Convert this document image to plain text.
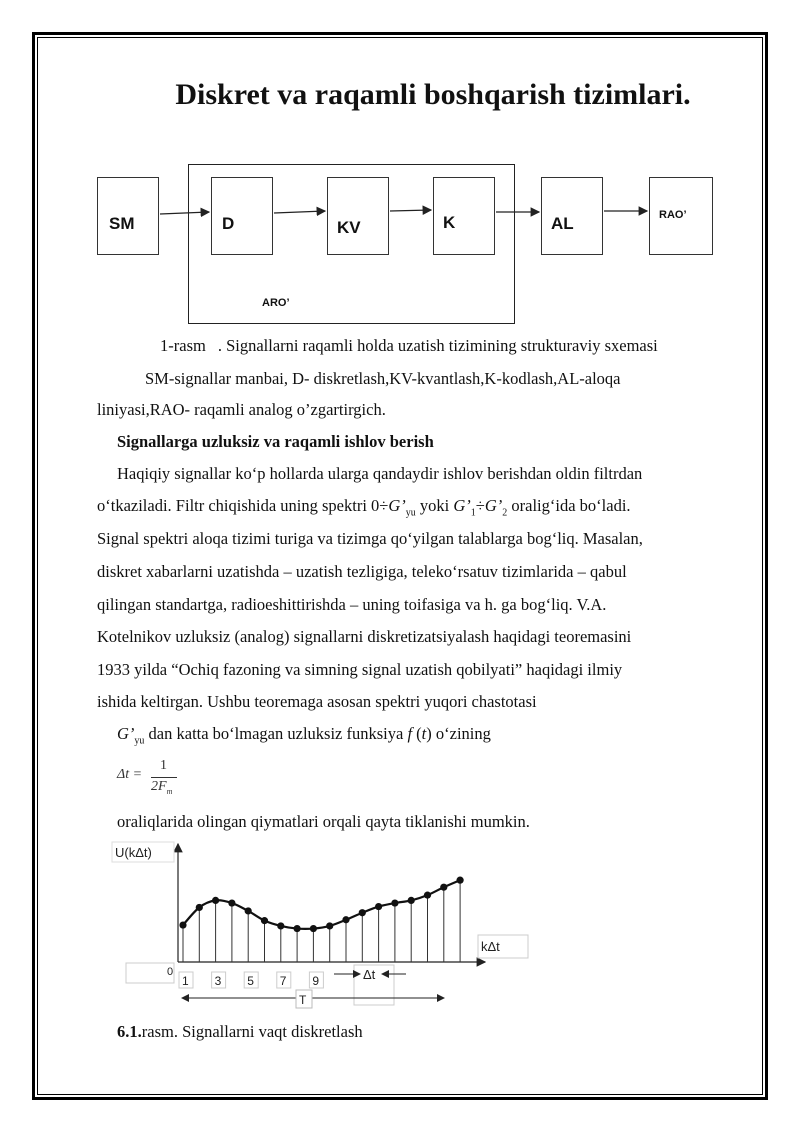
Diskret va raqamli boshqarish tizimlari.
SM	D	KV	K	AL	RAO’
ARO’
1-rasm . Signallarni raqamli holda uzatish tizimining strukturaviy sxemasi
SM-signallar manbai, D- diskretlash,KV-kvantlash,K-kodlash,AL-aloqa
liniyasi,RAO- raqamli analog o’zgartirgich.
Signallarga uzluksiz va raqamli ishlov berish
Haqiqiy signallar ko‘p hollarda ularga qandaydir ishlov berishdan oldin filtrdan
o‘tkaziladi. Filtr chiqishida uning spektri $0\div G’_{yu}$ yoki $G’_1\div G’_2$ oralig‘ida bo‘ladi.
Signal spektri aloqa tizimi turiga va tizimga qo‘yilgan talablarga bog‘liq. Masalan,
diskret xabarlarni uzatishda – uzatish tezligiga, teleko‘rsatuv tizimlarida – qabul
qilingan standartga, radioeshittirishda – uning toifasiga va h. ga bog‘liq. V.A.
Kotelnikov uzluksiz (analog) signallarni diskretizatsiyalash haqidagi teoremasini
1933 yilda “Ochiq fazoning va simning signal uzatish qobilyati” haqidagi ilmiy
ishida keltirgan. Ushbu teoremaga asosan spektri yuqori chastotasi
$G’_{yu}$ dan katta bo‘lmagan uzluksiz funksiya f (t) o‘zining
Δt =
1
$2F_m$
oraliqlarida olingan qiymatlari orqali qayta tiklanishi mumkin.
U(kΔt)
kΔt
0
1 3 5 7 9	Δt
T
6.1.rasm. Signallarni vaqt diskretlash
